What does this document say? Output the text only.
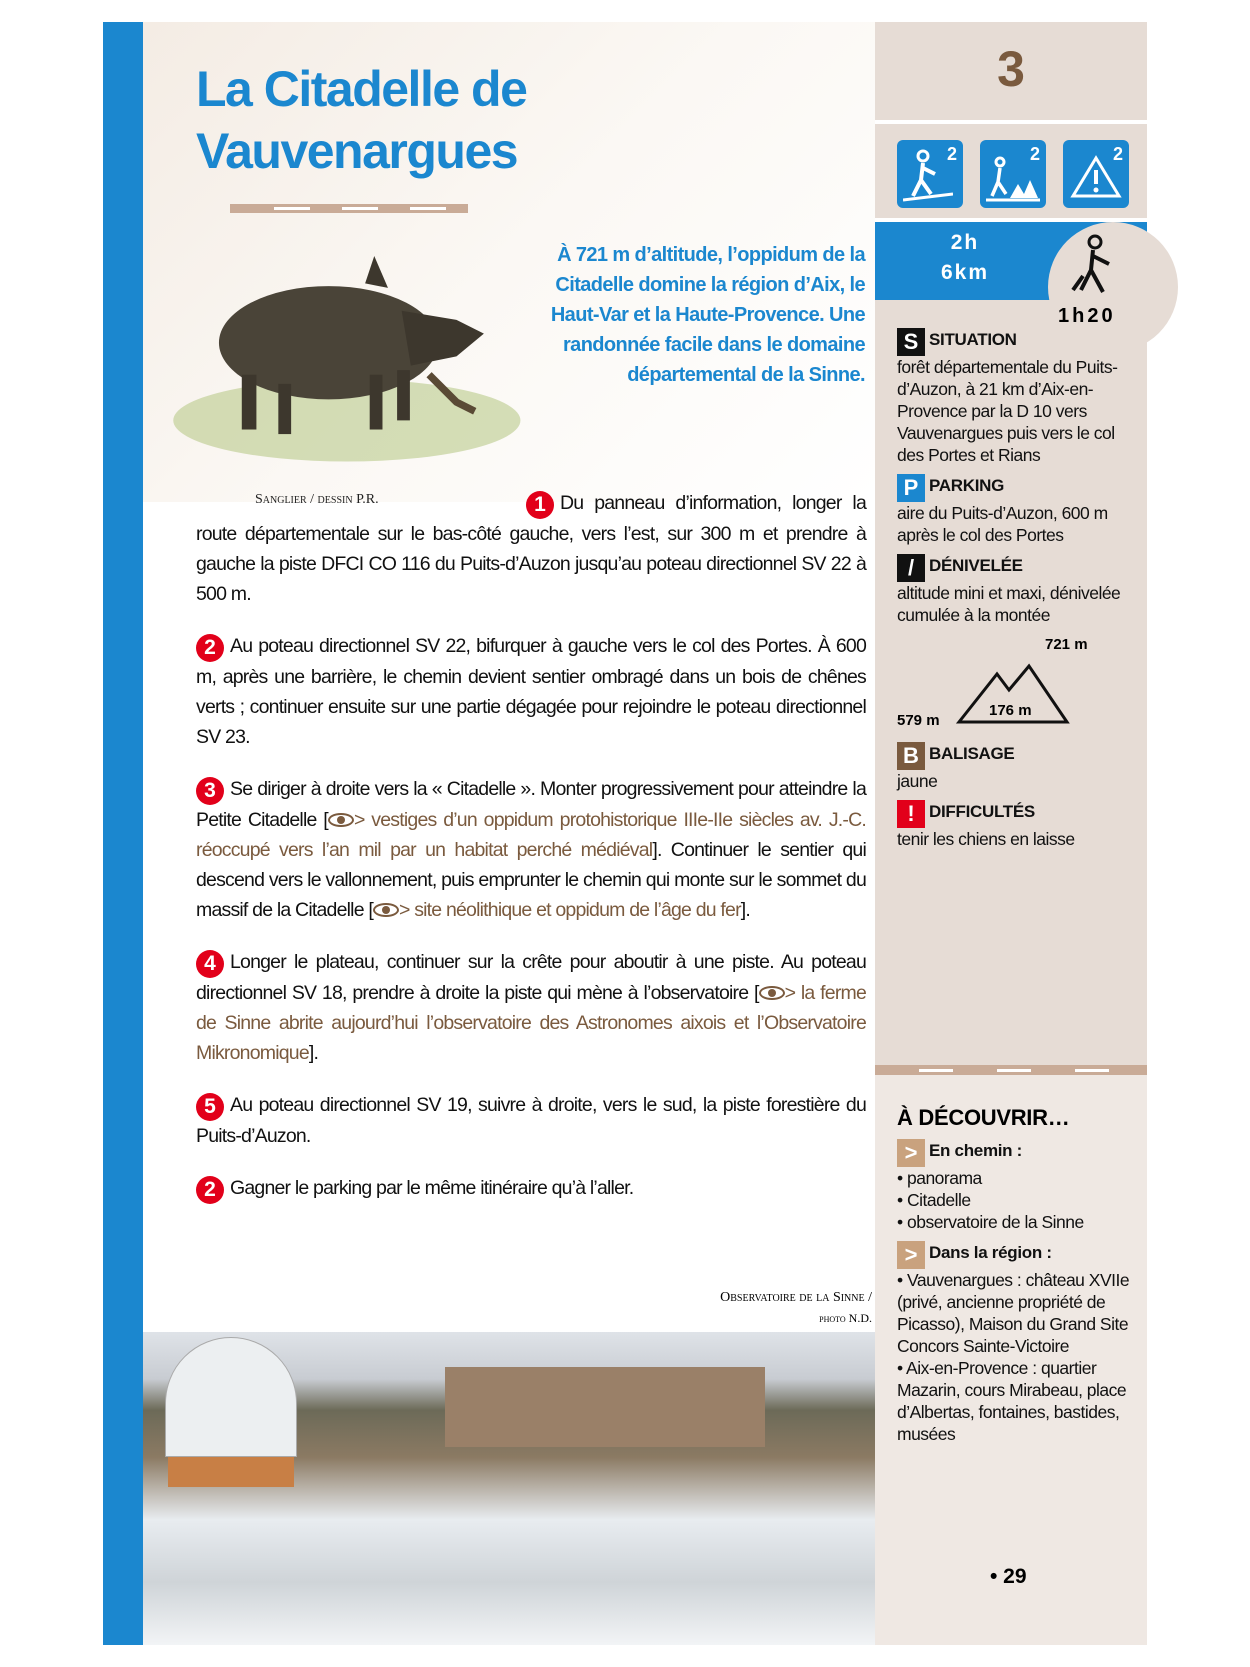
La Citadelle de
Vauvenargues
Sanglier / dessin P.R.

À 721 m d’altitude, l’oppidum de la Citadelle domine la région d’Aix, le Haut-Var et la Haute-Provence. Une randonnée facile dans le domaine départemental de la Sinne.

1 Du panneau d’information, longer la route départementale sur le bas-côté gauche, vers l’est, sur 300 m et prendre à gauche la piste DFCI CO 116 du Puits-d’Auzon jusqu’au poteau directionnel SV 22 à 500 m.

2 Au poteau directionnel SV 22, bifurquer à gauche vers le col des Portes. À 600 m, après une barrière, le chemin devient sentier ombragé dans un bois de chênes verts ; continuer ensuite sur une partie dégagée pour rejoindre le poteau directionnel SV 23.

3 Se diriger à droite vers la « Citadelle ». Monter progressivement pour atteindre la Petite Citadelle [ > vestiges d’un oppidum protohistorique IIIe-IIe siècles av. J.-C. réoccupé vers l’an mil par un habitat perché médiéval]. Continuer le sentier qui descend vers le vallonnement, puis emprunter le chemin qui monte sur le sommet du massif de la Citadelle [ > site néolithique et oppidum de l’âge du fer].

4 Longer le plateau, continuer sur la crête pour aboutir à une piste. Au poteau directionnel SV 18, prendre à droite la piste qui mène à l’observatoire [ > la ferme de Sinne abrite aujourd’hui l’observatoire des Astronomes aixois et l’Observatoire Mikronomique].

5 Au poteau directionnel SV 19, suivre à droite, vers le sud, la piste forestière du Puits-d’Auzon.

2 Gagner le parking par le même itinéraire qu’à l’aller.

Observatoire de la Sinne /
photo N.D.
3
2	2	2
2h
6km
1h20
S SITUATION
forêt départementale du Puits-d’Auzon, à 21 km d’Aix-en-Provence par la D 10 vers Vauvenargues puis vers le col des Portes et Rians
P PARKING
aire du Puits-d’Auzon, 600 m après le col des Portes
/ DÉNIVELÉE
altitude mini et maxi, dénivelée cumulée à la montée
721 m
579 m
176 m
B BALISAGE
jaune
! DIFFICULTÉS
tenir les chiens en laisse
À DÉCOUVRIR…
> En chemin :
• panorama
• Citadelle
• observatoire de la Sinne
> Dans la région :
• Vauvenargues : château XVIIe (privé, ancienne propriété de Picasso), Maison du Grand Site Concors Sainte-Victoire
• Aix-en-Provence : quartier Mazarin, cours Mirabeau, place d’Albertas, fontaines, bastides, musées
• 29
